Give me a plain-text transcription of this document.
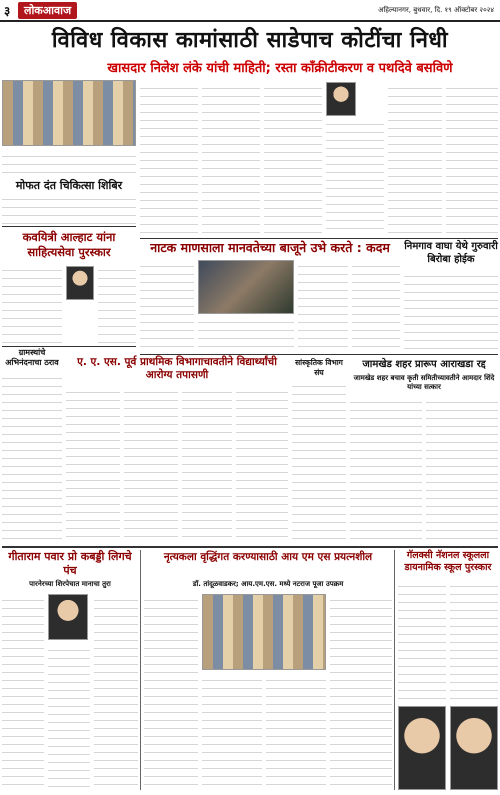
३	लोकआवाज	अहिल्यानगर, बुधवार, दि. १९ ऑक्टोबर २०२४
विविध विकास कामांसाठी साडेपाच कोटींचा निधी
खासदार निलेश लंके यांची माहिती; रस्ता काँक्रीटीकरण व पथदिवे बसविणे
मोफत दंत चिकित्सा शिबिर
कवयित्री आल्हाट यांना साहित्यसेवा पुरस्कार
ग्रामस्थांचे अभिनंदनाचा ठराव
नाटक माणसाला मानवतेच्या बाजूने उभे करते : कदम	निमगाव वाघा येथे गुरुवारी बिरोबा होईक
ए. ए. एस. पूर्व प्राथमिक विभागाचावतीने विद्यार्थ्यांची आरोग्य तपासणी
सांस्कृतिक विभाग संघ
जामखेड शहर प्रारूप आराखडा रद्द
जामखेड शहर बचाव कृती समितीच्यावतीने आमदार शिंदे यांच्या सत्कार
गीताराम पवार प्रो कबड्डी लिगचे पंच
पारनेरच्या शिरपेचात मानाचा तुरा
नृत्यकला वृद्धिंगत करण्यासाठी आय एम एस प्रयत्नशील
डॉ. तांदूळवाडकर; आय.एम.एस. मध्ये नटराज पूजा उपक्रम
गॅलक्सी नॅशनल स्कूलला डायनामिक स्कूल पुरस्कार
